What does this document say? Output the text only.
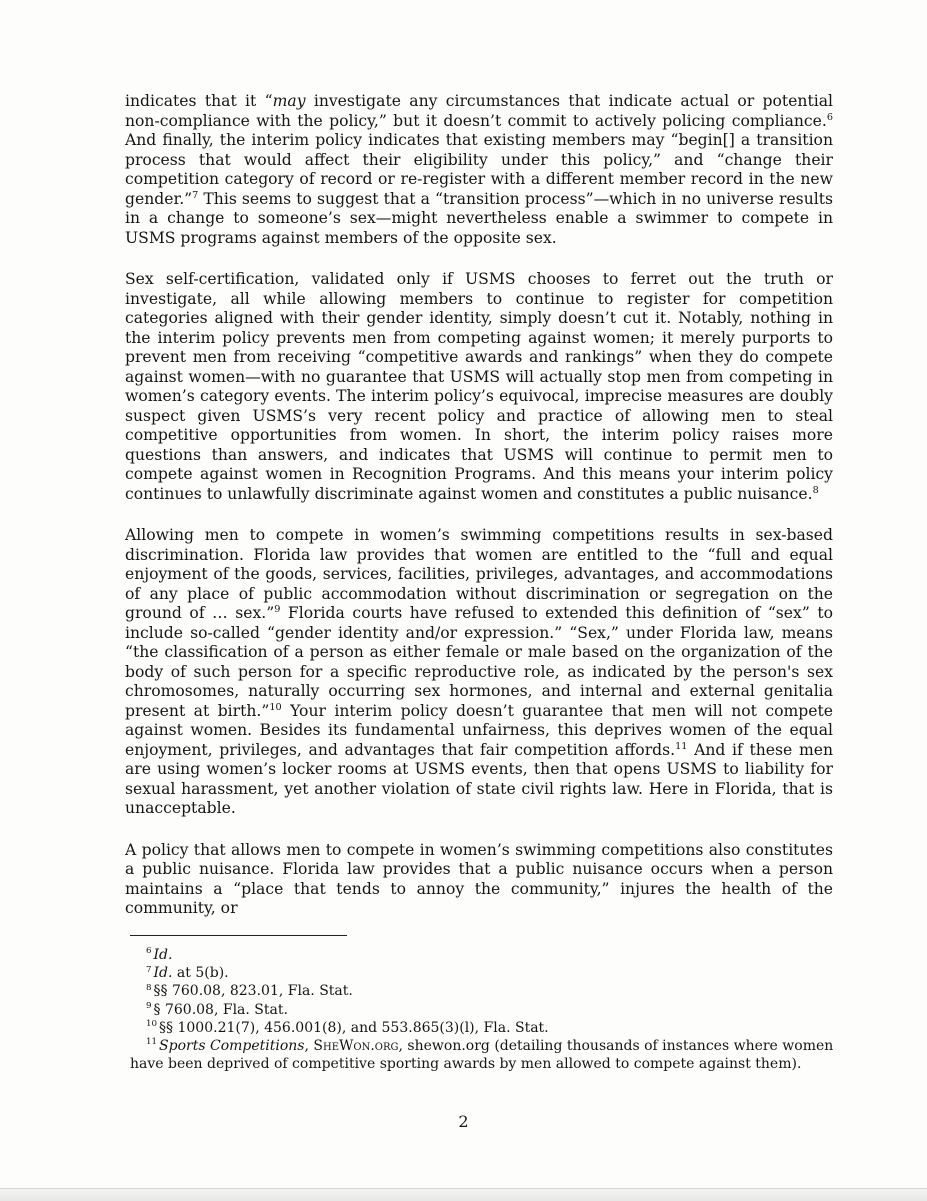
indicates that it “may investigate any circumstances that indicate actual or potential non-compliance with the policy,” but it doesn’t commit to actively policing compliance.$^6$ And finally, the interim policy indicates that existing members may “begin[] a transition process that would affect their eligibility under this policy,” and “change their competition category of record or re-register with a different member record in the new gender.”$^7$ This seems to suggest that a “transition process”—which in no universe results in a change to someone’s sex—might nevertheless enable a swimmer to compete in USMS programs against members of the opposite sex.

Sex self-certification, validated only if USMS chooses to ferret out the truth or investigate, all while allowing members to continue to register for competition categories aligned with their gender identity, simply doesn’t cut it. Notably, nothing in the interim policy prevents men from competing against women; it merely purports to prevent men from receiving “competitive awards and rankings” when they do compete against women—with no guarantee that USMS will actually stop men from competing in women’s category events. The interim policy’s equivocal, imprecise measures are doubly suspect given USMS’s very recent policy and practice of allowing men to steal competitive opportunities from women. In short, the interim policy raises more questions than answers, and indicates that USMS will continue to permit men to compete against women in Recognition Programs. And this means your interim policy continues to unlawfully discriminate against women and constitutes a public nuisance.$^8$

Allowing men to compete in women’s swimming competitions results in sex-based discrimination. Florida law provides that women are entitled to the “full and equal enjoyment of the goods, services, facilities, privileges, advantages, and accommodations of any place of public accommodation without discrimination or segregation on the ground of … sex.”$^9$ Florida courts have refused to extended this definition of “sex” to include so-called “gender identity and/or expression.” “Sex,” under Florida law, means “the classification of a person as either female or male based on the organization of the body of such person for a specific reproductive role, as indicated by the person's sex chromosomes, naturally occurring sex hormones, and internal and external genitalia present at birth.”$^{10}$ Your interim policy doesn’t guarantee that men will not compete against women. Besides its fundamental unfairness, this deprives women of the equal enjoyment, privileges, and advantages that fair competition affords.$^{11}$ And if these men are using women’s locker rooms at USMS events, then that opens USMS to liability for sexual harassment, yet another violation of state civil rights law. Here in Florida, that is unacceptable.

A policy that allows men to compete in women’s swimming competitions also constitutes a public nuisance. Florida law provides that a public nuisance occurs when a person maintains a “place that tends to annoy the community,” injures the health of the community, or

$^6$ Id.

$^7$ Id. at 5(b).

$^8$ §§ 760.08, 823.01, Fla. Stat.

$^9$ § 760.08, Fla. Stat.

$^{10}$ §§ 1000.21(7), 456.001(8), and 553.865(3)(l), Fla. Stat.

$^{11}$ Sports Competitions, SheWon.org, shewon.org (detailing thousands of instances where women have been deprived of competitive sporting awards by men allowed to compete against them).

2
